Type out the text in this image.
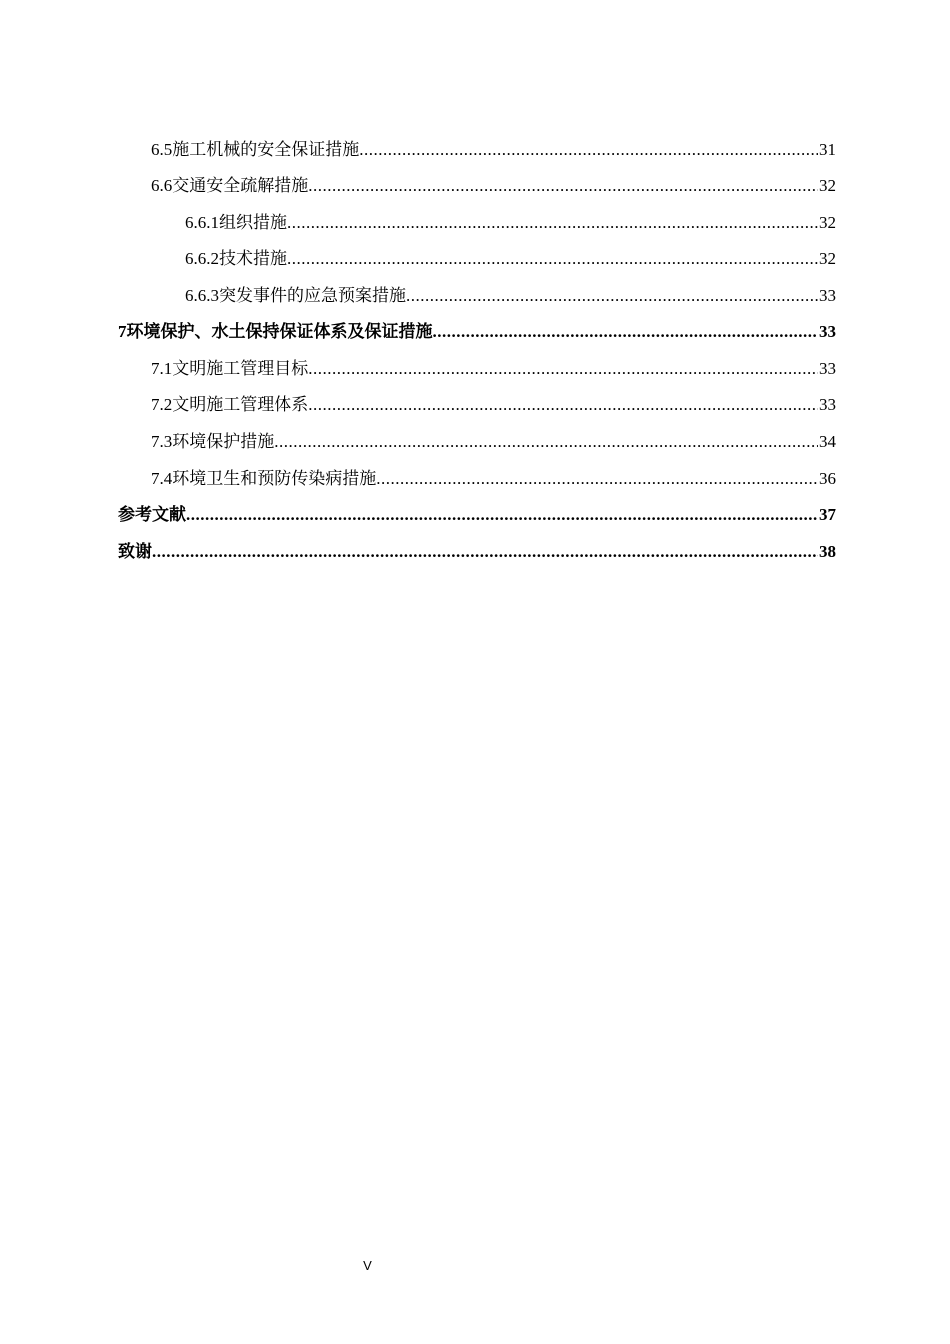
6.5 施工机械的安全保证措施 .....	31
6.6 交通安全疏解措施 .....	32
6.6.1 组织措施 .....	32
6.6.2 技术措施 .....	32
6.6.3 突发事件的应急预案措施 .....	33
7 环境保护、水土保持保证体系及保证措施 .....	33
7.1 文明施工管理目标 .....	33
7.2 文明施工管理体系 .....	33
7.3 环境保护措施 .....	34
7.4 环境卫生和预防传染病措施 .....	36
参考文献 .....	37
致谢 .....	38
V
